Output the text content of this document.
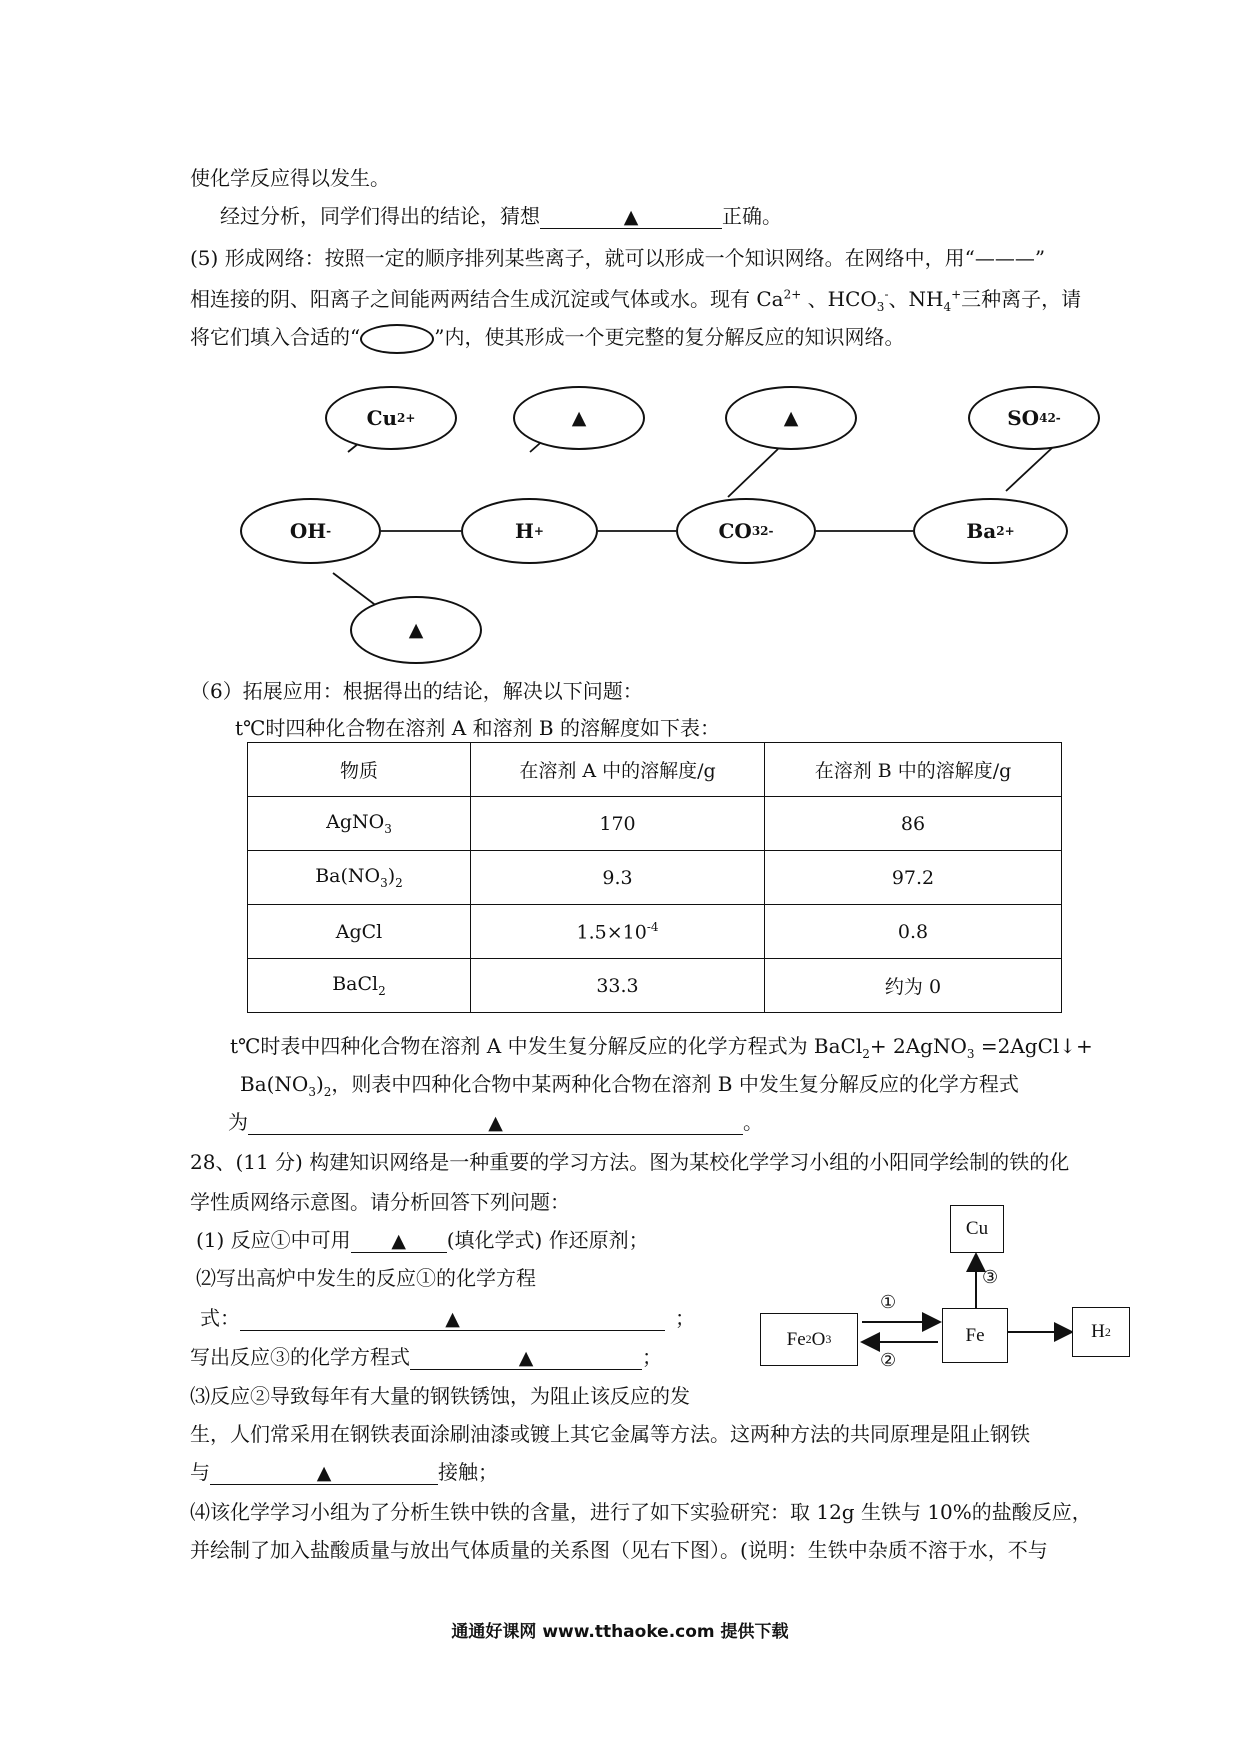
使化学反应得以发生。
经过分析，同学们得出的结论，猜想	▲	正确。
(5) 形成网络：按照一定的顺序排列某些离子，就可以形成一个知识网络。在网络中，用“———”
相连接的阴、阳离子之间能两两结合生成沉淀或气体或水。现有 $Ca^{2+}$ 、$HCO_3^-$、$NH_4^+$三种离子，请
将它们填入合适的“	”内，使其形成一个更完整的复分解反应的知识网络。
Cu 2+	▲	▲	SO 4 2-
OH -	H +	CO 3 2-	Ba 2+
▲
（6）拓展应用：根据得出的结论，解决以下问题：
t℃时四种化合物在溶剂 A 和溶剂 B 的溶解度如下表：
物质	在溶剂 A 中的溶解度/g	在溶剂 B 中的溶解度/g
AgNO$_3$	170	86
$Ba(NO_3)_2$	9.3	97.2
AgCl	$1.5\times 10^{-4}$	0.8
BaCl$_2$	33.3	约为 0
t℃时表中四种化合物在溶剂 A 中发生复分解反应的化学方程式为 BaCl$_2$+ 2AgNO$_3$ =2AgCl↓+
$Ba(NO_3)_2$，则表中四种化合物中某两种化合物在溶剂 B 中发生复分解反应的化学方程式
为	▲	。
28、(11 分) 构建知识网络是一种重要的学习方法。图为某校化学学习小组的小阳同学绘制的铁的化
学性质网络示意图。请分析回答下列问题：
(1) 反应①中可用 ▲ (填化学式) 作还原剂；
⑵写出高炉中发生的反应①的化学方程
式：	▲	；
写出反应③的化学方程式	▲	；
⑶反应②导致每年有大量的钢铁锈蚀，为阻止该反应的发
生，人们常采用在钢铁表面涂刷油漆或镀上其它金属等方法。这两种方法的共同原理是阻止钢铁
与	▲	接触；
⑷该化学学习小组为了分析生铁中铁的含量，进行了如下实验研究：取 12g 生铁与 10%的盐酸反应，
并绘制了加入盐酸质量与放出气体质量的关系图（见右下图）。(说明：生铁中杂质不溶于水，不与
Cu
Fe 2 O 3	Fe	H 2
①
②
③
通通好课网 www.tthaoke.com 提供下载
